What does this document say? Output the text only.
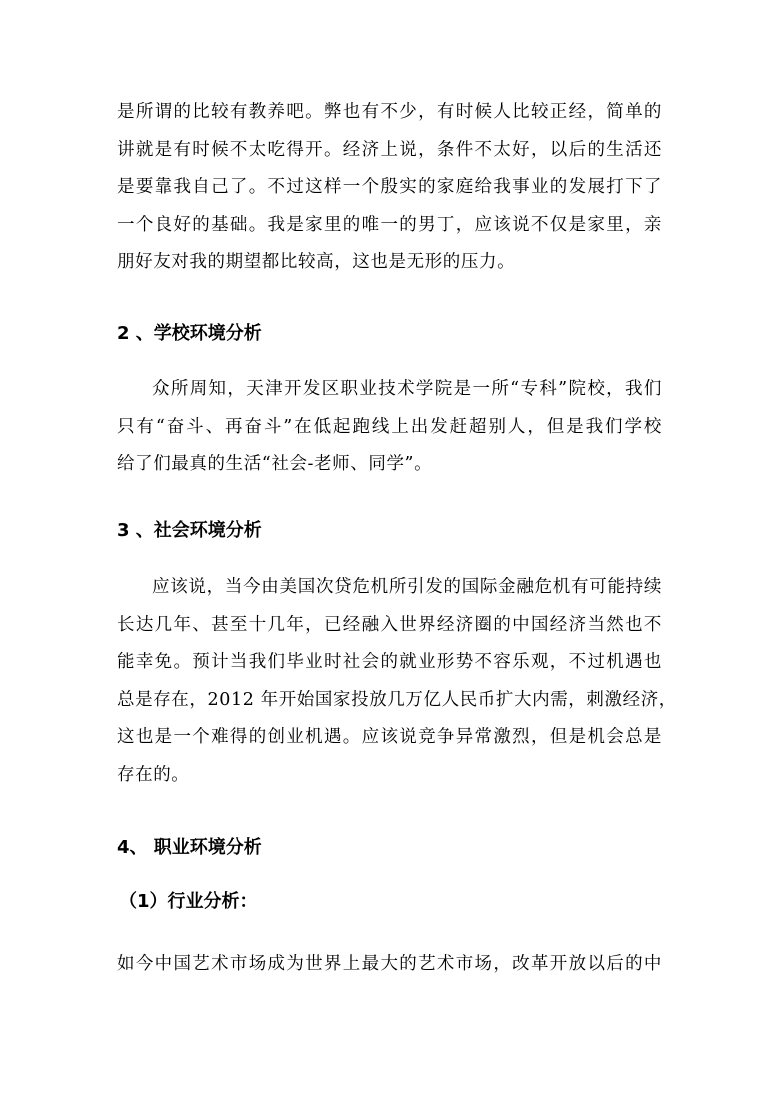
是所谓的比较有教养吧。弊也有不少，有时候人比较正经，简单的
讲就是有时候不太吃得开。经济上说，条件不太好，以后的生活还
是要靠我自己了。不过这样一个殷实的家庭给我事业的发展打下了
一个良好的基础。我是家里的唯一的男丁，应该说不仅是家里，亲
朋好友对我的期望都比较高，这也是无形的压力。
2 、学校环境分析
众所周知，天津开发区职业技术学院是一所“专科”院校，我们
只有“奋斗、再奋斗”在低起跑线上出发赶超别人，但是我们学校
给了们最真的生活“社会-老师、同学”。
3 、社会环境分析
应该说，当今由美国次贷危机所引发的国际金融危机有可能持续
长达几年、甚至十几年，已经融入世界经济圈的中国经济当然也不
能幸免。预计当我们毕业时社会的就业形势不容乐观，不过机遇也
总是存在，2012 年开始国家投放几万亿人民币扩大内需，刺激经济，
这也是一个难得的创业机遇。应该说竞争异常激烈，但是机会总是
存在的。
4、 职业环境分析
（1）行业分析：
如今中国艺术市场成为世界上最大的艺术市场，改革开放以后的中
